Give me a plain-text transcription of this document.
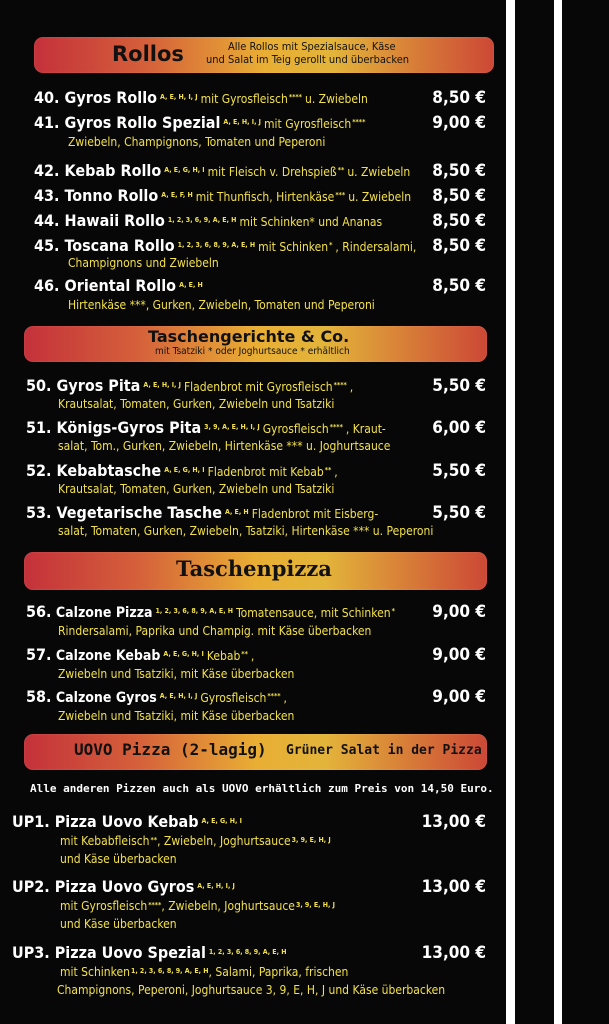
Rollos	Alle Rollos mit Spezialsauce, Käse
und Salat im Teig gerollt und überbacken
40. Gyros Rollo $^{A, E, H, I, J}$ mit Gyrosfleisch**** u. Zwiebeln	8,50 €
41. Gyros Rollo Spezial $^{A, E, H, I, J}$ mit Gyrosfleisch****	9,00 €
Zwiebeln, Champignons, Tomaten und Peperoni
42. Kebab Rollo $^{A, E, G, H, I}$ mit Fleisch v. Drehspieß** u. Zwiebeln	8,50 €
43. Tonno Rollo $^{A, E, F, H}$ mit Thunfisch, Hirtenkäse*** u. Zwiebeln	8,50 €
44. Hawaii Rollo $^{1, 2, 3, 6, 9, A, E, H}$ mit Schinken* und Ananas	8,50 €
45. Toscana Rollo $^{1, 2, 3, 6, 8, 9, A, E, H}$ mit Schinken* , Rindersalami, 8,50 €
Champignons und Zwiebeln
46. Oriental Rollo $^{A, E, H}$	8,50 €
Hirtenkäse ***, Gurken, Zwiebeln, Tomaten und Peperoni
50. Gyros Pita $^{A, E, H, I, J}$ Fladenbrot mit Gyrosfleisch**** ,	5,50 €
Krautsalat, Tomaten, Gurken, Zwiebeln und Tsatziki
51. Königs-Gyros Pita $^{3, 9, A, E, H, I, J}$ Gyrosfleisch**** , Kraut-	6,00 €
salat, Tom., Gurken, Zwiebeln, Hirtenkäse *** u. Joghurtsauce
52. Kebabtasche $^{A, E, G, H, I}$ Fladenbrot mit Kebab** ,	5,50 €
Krautsalat, Tomaten, Gurken, Zwiebeln und Tsatziki
53. Vegetarische Tasche $^{A, E, H}$ Fladenbrot mit Eisberg-	5,50 €
salat, Tomaten, Gurken, Zwiebeln, Tsatziki, Hirtenkäse *** u. Peperoni
56. Calzone Pizza $^{1, 2, 3, 6, 8, 9, A, E, H}$ Tomatensauce, mit Schinken*	9,00 €
Rindersalami, Paprika und Champig. mit Käse überbacken
57. Calzone Kebab $^{A, E, G, H, I}$ Kebab** ,	9,00 €
Zwiebeln und Tsatziki, mit Käse überbacken
58. Calzone Gyros $^{A, E, H, I, J}$ Gyrosfleisch**** ,	9,00 €
Zwiebeln und Tsatziki, mit Käse überbacken
UP1. Pizza Uovo Kebab $^{A, E, G, H, I}$	13,00 €
mit Kebabfleisch**, Zwiebeln, Joghurtsauce$^{3, 9, E, H, J}$
und Käse überbacken
UP2. Pizza Uovo Gyros $^{A, E, H, I, J}$	13,00 €
mit Gyrosfleisch****, Zwiebeln, Joghurtsauce$^{3, 9, E, H, J}$
und Käse überbacken
UP3. Pizza Uovo Spezial $^{1, 2, 3, 6, 8, 9, A, E, H}$	13,00 €
mit Schinken$^{1, 2, 3, 6, 8, 9, A, E, H}$, Salami, Paprika, frischen
Champignons, Peperoni, Joghurtsauce 3, 9, E, H, J und Käse überbacken
Taschengerichte & Co.
mit Tsatziki * oder Joghurtsauce * erhältlich
Taschenpizza
UOVO Pizza (2-lagig) Grüner Salat in der Pizza
Alle anderen Pizzen auch als UOVO erhältlich zum Preis von 14,50 Euro.
